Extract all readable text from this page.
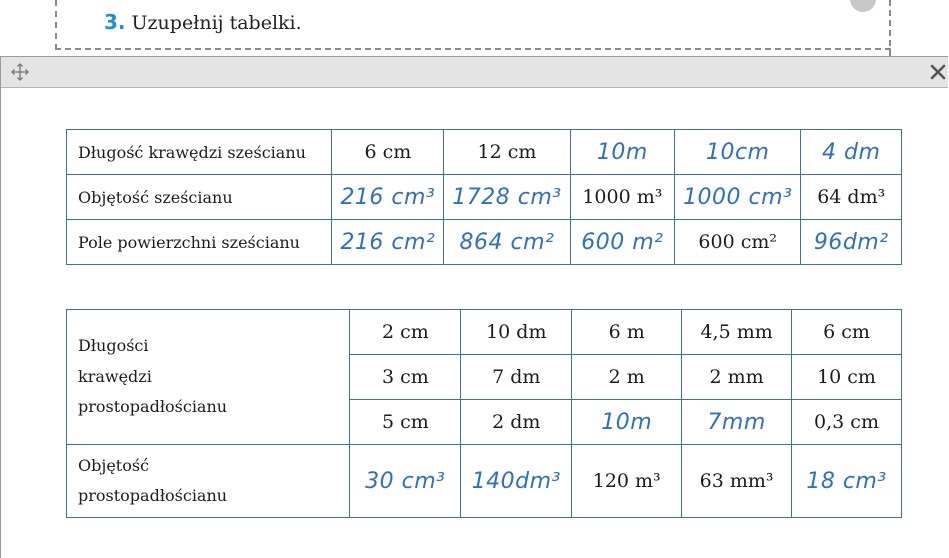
3. Uzupełnij tabelki.
Długość krawędzi sześcianu	6 cm	12 cm	10m	10cm	4 dm
Objętość sześcianu	216 cm³	1728 cm³	1000 m³	1000 cm³	64 dm³
Pole powierzchni sześcianu	216 cm²	864 cm²	600 m²	600 cm²	96dm²
Długości
krawędzi
prostopadłościanu	2 cm	10 dm	6 m	4,5 mm	6 cm
	3 cm	7 dm	2 m	2 mm	10 cm
	5 cm	2 dm	10m	7mm	0,3 cm
Objętość
prostopadłościanu	30 cm³	140dm³	120 m³	63 mm³	18 cm³
